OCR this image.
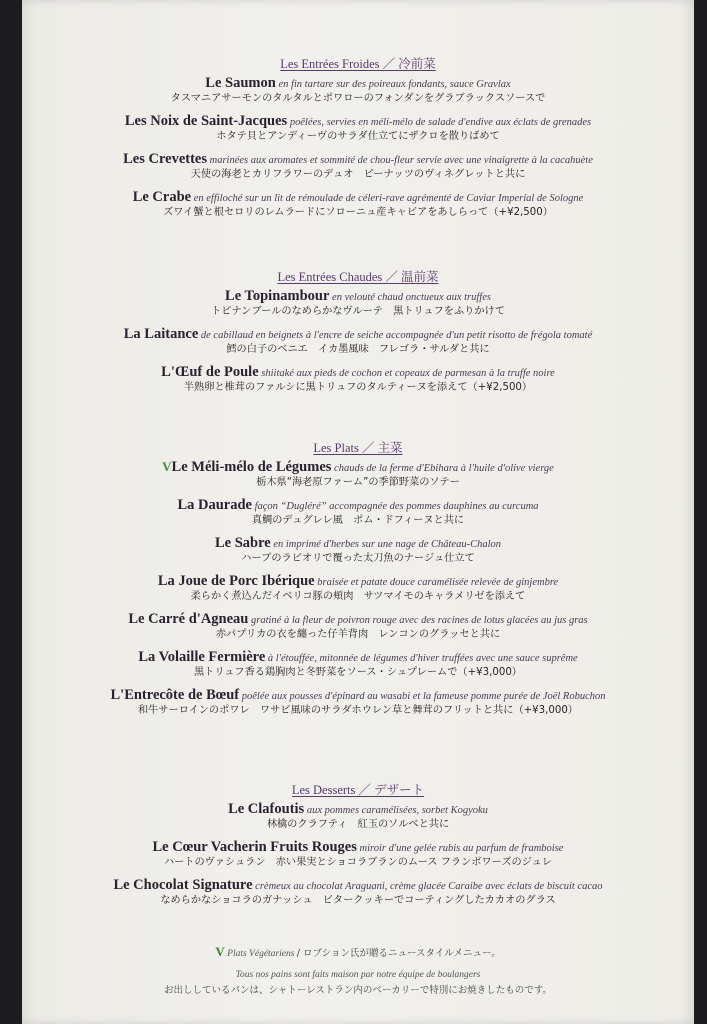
Les Entrées Froides ／ 冷前菜
Le Saumon en fin tartare sur des poireaux fondants, sauce Gravlax
タスマニアサーモンのタルタルとポワローのフォンダンをグラブラックスソースで
Les Noix de Saint-Jacques poêlées, servies en méli-mélo de salade d'endive aux éclats de grenades
ホタテ貝とアンディーヴのサラダ仕立てにザクロを散りばめて
Les Crevettes marinées aux aromates et sommité de chou-fleur servie avec une vinaigrette à la cacahuète
天使の海老とカリフラワーのデュオ　ピーナッツのヴィネグレットと共に
Le Crabe en effiloché sur un lit de rémoulade de céleri-rave agrémenté de Caviar Imperial de Sologne
ズワイ蟹と根セロリのレムラードにソローニュ産キャビアをあしらって（+¥2,500）
Les Entrées Chaudes ／ 温前菜
Le Topinambour en velouté chaud onctueux aux truffes
トピナンブールのなめらかなヴルーテ　黒トリュフをふりかけて
La Laitance de cabillaud en beignets à l'encre de seiche accompagnée d'un petit risotto de frégola tomaté
鱈の白子のベニエ　イカ墨風味　フレゴラ・サルダと共に
L'Œuf de Poule shiitaké aux pieds de cochon et copeaux de parmesan à la truffe noire
半熟卵と椎茸のファルシに黒トリュフのタルティーヌを添えて（+¥2,500）
Les Plats ／ 主菜
VLe Méli-mélo de Légumes chauds de la ferme d'Ebihara à l'huile d'olive vierge
栃木県“海老原ファーム”の季節野菜のソテー
La Daurade façon “Dugléré” accompagnée des pommes dauphines au curcuma
真鯛のデュグレレ風　ポム・ドフィーヌと共に
Le Sabre en imprimé d'herbes sur une nage de Château-Chalon
ハーブのラビオリで覆った太刀魚のナージュ仕立て
La Joue de Porc Ibérique braisée et patate douce caramélisée relevée de ginjembre
柔らかく煮込んだイベリコ豚の頬肉　サツマイモのキャラメリゼを添えて
Le Carré d'Agneau gratiné à la fleur de poivron rouge avec des racines de lotus glacées au jus gras
赤パプリカの衣を纏った仔羊背肉　レンコンのグラッセと共に
La Volaille Fermière à l'étouffée, mitonnée de légumes d'hiver truffées avec une sauce suprême
黒トリュフ香る鶏胸肉と冬野菜をソース・シュプレームで（+¥3,000）
L'Entrecôte de Bœuf poêlée aux pousses d'épinard au wasabi et la fameuse pomme purée de Joël Robuchon
和牛サーロインのポワレ　ワサビ風味のサラダホウレン草と舞茸のフリットと共に（+¥3,000）
Les Desserts ／ デザート
Le Clafoutis aux pommes caramélisées, sorbet Kogyoku
林檎のクラフティ　紅玉のソルベと共に
Le Cœur Vacherin Fruits Rouges miroir d'une gelée rubis au parfum de framboise
ハートのヴァシュラン　赤い果実とショコラブランのムース フランボワーズのジュレ
Le Chocolat Signature crèmeux au chocolat Araguani, crème glacée Caraibe avec éclats de biscuit cacao
なめらかなショコラのガナッシュ　ビタークッキーでコーティングしたカカオのグラス
V Plats Végétariens / ロブション氏が贈るニュースタイルメニュー。
Tous nos pains sont faits maison par notre équipe de boulangers
お出ししているパンは、シャトーレストラン内のベーカリーで特別にお焼きしたものです。
